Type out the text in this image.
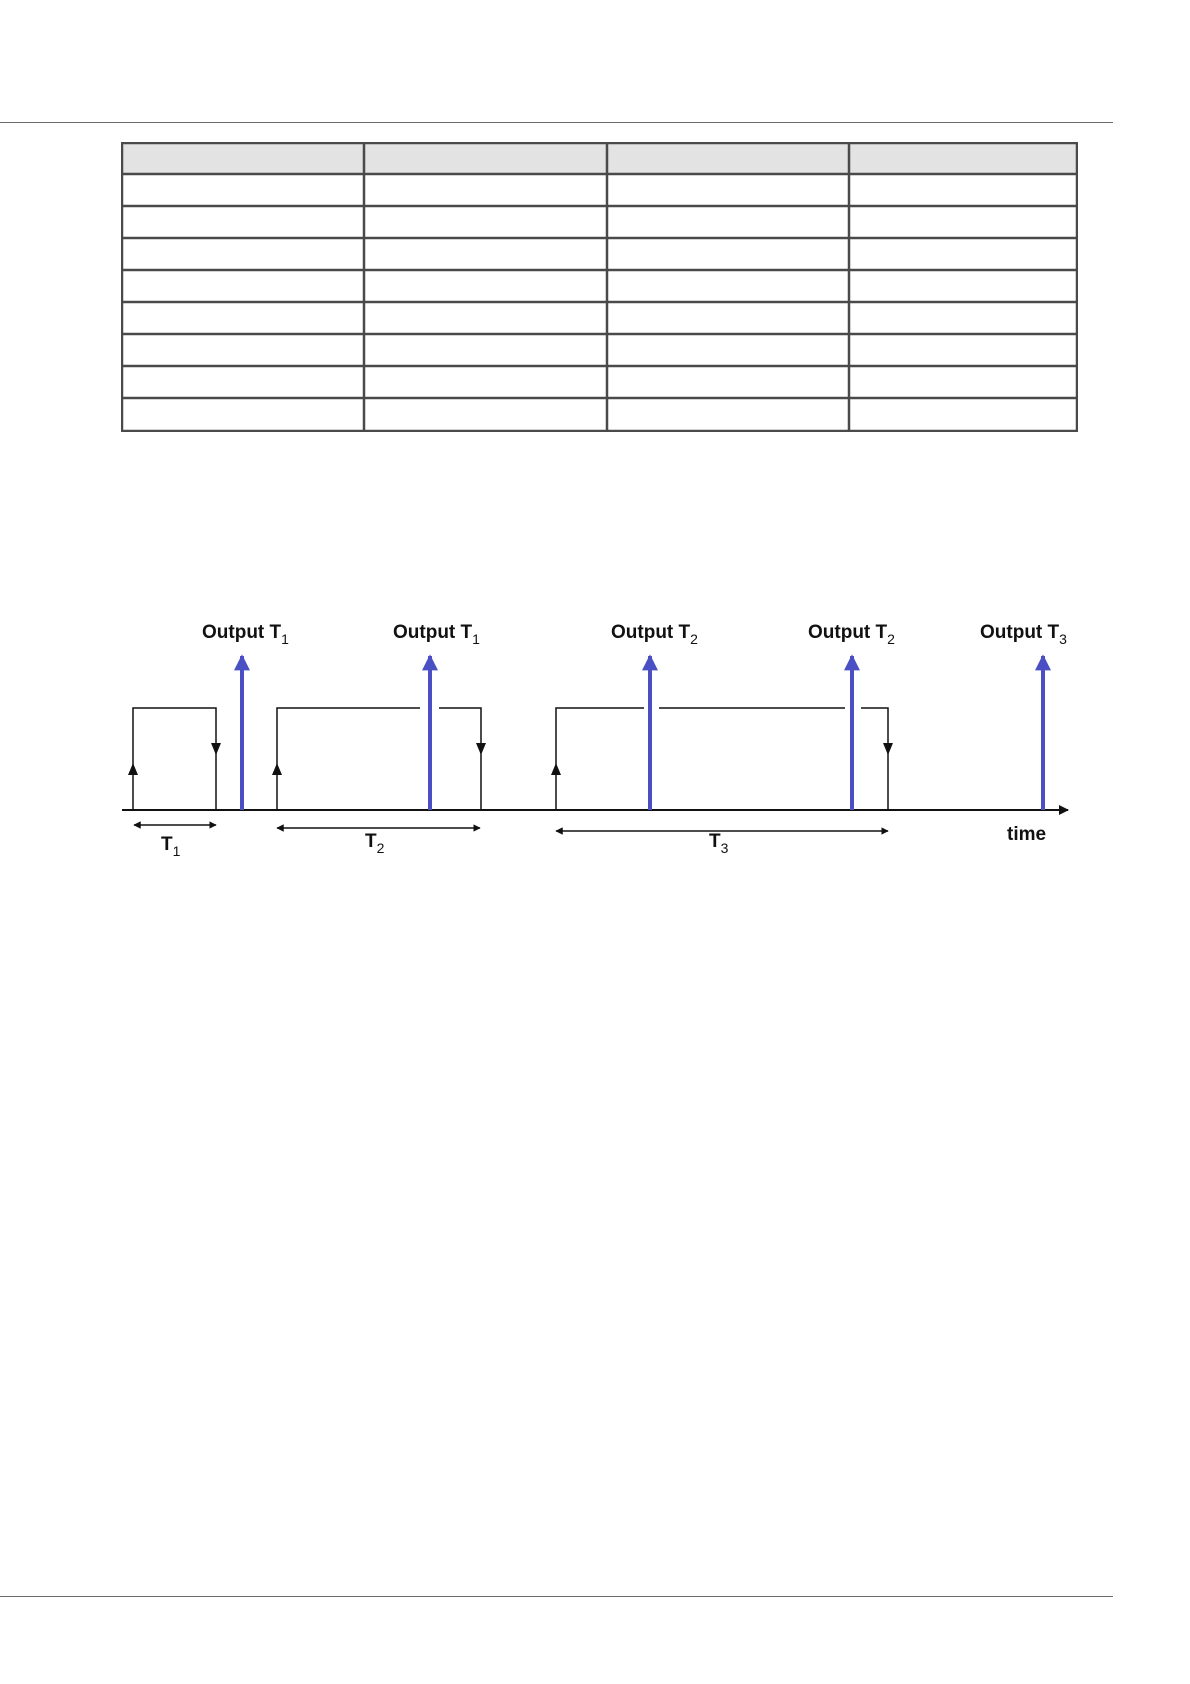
Output $T_1$	Output $T_1$	Output $T_2$	Output $T_2$	Output $T_3$
$T_1$	$T_2$	$T_3$
time
